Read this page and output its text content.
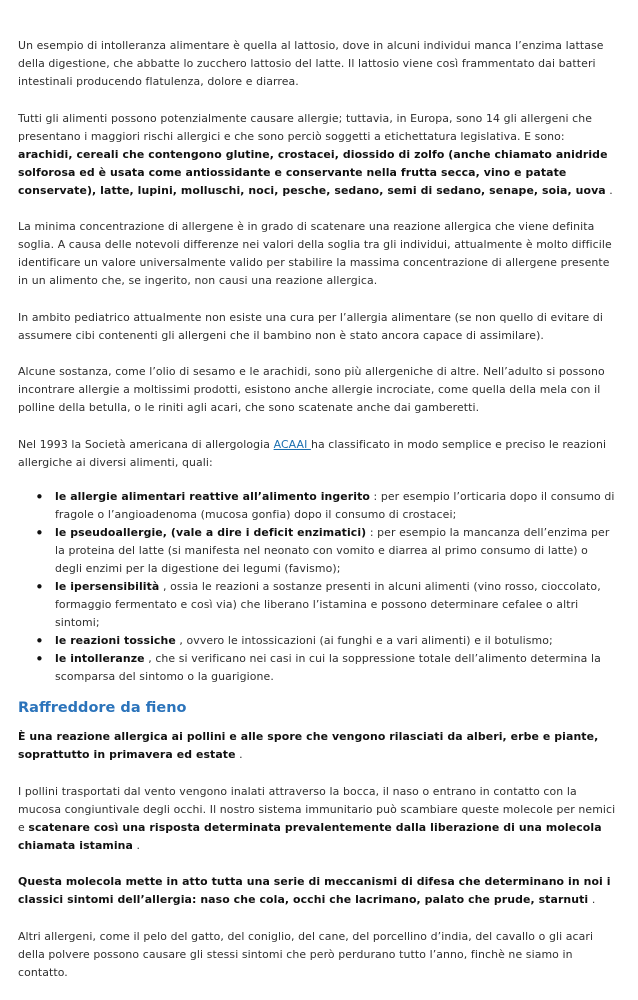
Un esempio di intolleranza alimentare è quella al lattosio, dove in alcuni individui manca l’enzima lattase della digestione, che abbatte lo zucchero lattosio del latte. Il lattosio viene così frammentato dai batteri intestinali producendo flatulenza, dolore e diarrea.

Tutti gli alimenti possono potenzialmente causare allergie; tuttavia, in Europa, sono 14 gli allergeni che presentano i maggiori rischi allergici e che sono perciò soggetti a etichettatura legislativa. E sono: arachidi, cereali che contengono glutine, crostacei, diossido di zolfo (anche chiamato anidride solforosa ed è usata come antiossidante e conservante nella frutta secca, vino e patate conservate), latte, lupini, molluschi, noci, pesche, sedano, semi di sedano, senape, soia, uova .

La minima concentrazione di allergene è in grado di scatenare una reazione allergica che viene definita soglia. A causa delle notevoli differenze nei valori della soglia tra gli individui, attualmente è molto difficile identificare un valore universalmente valido per stabilire la massima concentrazione di allergene presente in un alimento che, se ingerito, non causi una reazione allergica.

In ambito pediatrico attualmente non esiste una cura per l’allergia alimentare (se non quello di evitare di assumere cibi contenenti gli allergeni che il bambino non è stato ancora capace di assimilare).

Alcune sostanza, come l’olio di sesamo e le arachidi, sono più allergeniche di altre. Nell’adulto si possono incontrare allergie a moltissimi prodotti, esistono anche allergie incrociate, come quella della mela con il polline della betulla, o le riniti agli acari, che sono scatenate anche dai gamberetti.

Nel 1993 la Società americana di allergologia ACAAI ha classificato in modo semplice e preciso le reazioni allergiche ai diversi alimenti, quali:

• le allergie alimentari reattive all’alimento ingerito : per esempio l’orticaria dopo il consumo di fragole o l’angioadenoma (mucosa gonfia) dopo il consumo di crostacei;
• le pseudoallergie, (vale a dire i deficit enzimatici) : per esempio la mancanza dell’enzima per la proteina del latte (si manifesta nel neonato con vomito e diarrea al primo consumo di latte) o degli enzimi per la digestione dei legumi (favismo);
• le ipersensibilità , ossia le reazioni a sostanze presenti in alcuni alimenti (vino rosso, cioccolato, formaggio fermentato e così via) che liberano l’istamina e possono determinare cefalee o altri sintomi;
• le reazioni tossiche , ovvero le intossicazioni (ai funghi e a vari alimenti) e il botulismo;
• le intolleranze , che si verificano nei casi in cui la soppressione totale dell’alimento determina la scomparsa del sintomo o la guarigione.
Raffreddore da fieno

È una reazione allergica ai pollini e alle spore che vengono rilasciati da alberi, erbe e piante, soprattutto in primavera ed estate .

I pollini trasportati dal vento vengono inalati attraverso la bocca, il naso o entrano in contatto con la mucosa congiuntivale degli occhi. Il nostro sistema immunitario può scambiare queste molecole per nemici e scatenare così una risposta determinata prevalentemente dalla liberazione di una molecola chiamata istamina .

Questa molecola mette in atto tutta una serie di meccanismi di difesa che determinano in noi i classici sintomi dell’allergia: naso che cola, occhi che lacrimano, palato che prude, starnuti .

Altri allergeni, come il pelo del gatto, del coniglio, del cane, del porcellino d’india, del cavallo o gli acari della polvere possono causare gli stessi sintomi che però perdurano tutto l’anno, finchè ne siamo in contatto.
